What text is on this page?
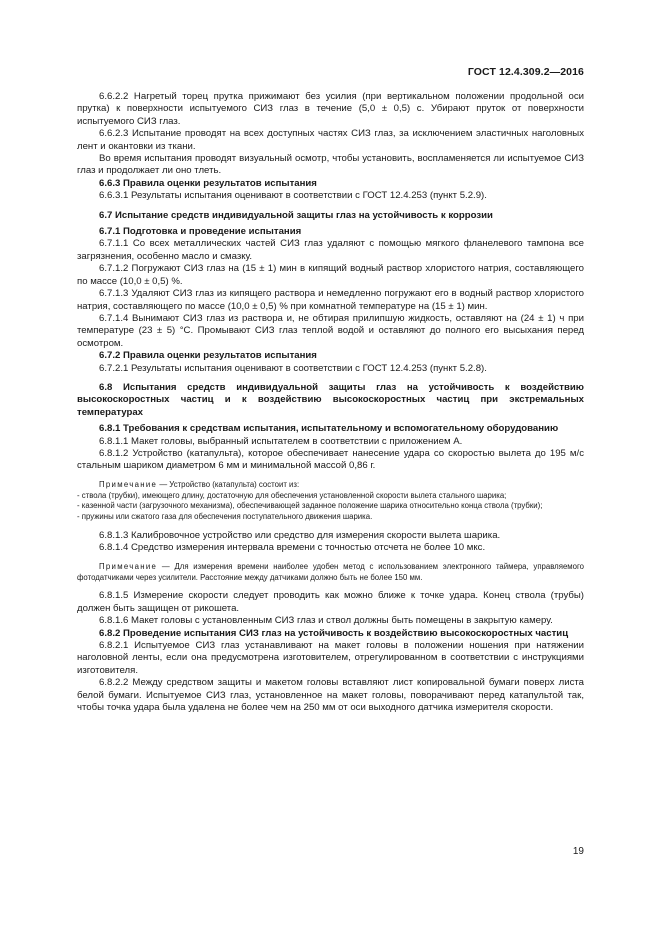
ГОСТ 12.4.309.2—2016

6.6.2.2 Нагретый торец прутка прижимают без усилия (при вертикальном положении продольной оси прутка) к поверхности испытуемого СИЗ глаз в течение (5,0 ± 0,5) с. Убирают пруток от поверхности испытуемого СИЗ глаз.

6.6.2.3 Испытание проводят на всех доступных частях СИЗ глаз, за исключением эластичных наголовных лент и окантовки из ткани.

Во время испытания проводят визуальный осмотр, чтобы установить, воспламеняется ли испытуемое СИЗ глаз и продолжает ли оно тлеть.

6.6.3 Правила оценки результатов испытания

6.6.3.1 Результаты испытания оценивают в соответствии с ГОСТ 12.4.253 (пункт 5.2.9).

6.7 Испытание средств индивидуальной защиты глаз на устойчивость к коррозии

6.7.1 Подготовка и проведение испытания

6.7.1.1 Со всех металлических частей СИЗ глаз удаляют с помощью мягкого фланелевого тампона все загрязнения, особенно масло и смазку.

6.7.1.2 Погружают СИЗ глаз на (15 ± 1) мин в кипящий водный раствор хлористого натрия, составляющего по массе (10,0 ± 0,5) %.

6.7.1.3 Удаляют СИЗ глаз из кипящего раствора и немедленно погружают его в водный раствор хлористого натрия, составляющего по массе (10,0 ± 0,5) % при комнатной температуре на (15 ± 1) мин.

6.7.1.4 Вынимают СИЗ глаз из раствора и, не обтирая прилипшую жидкость, оставляют на (24 ± 1) ч при температуре (23 ± 5) °С. Промывают СИЗ глаз теплой водой и оставляют до полного его высыхания перед осмотром.

6.7.2 Правила оценки результатов испытания

6.7.2.1 Результаты испытания оценивают в соответствии с ГОСТ 12.4.253 (пункт 5.2.8).

6.8 Испытания средств индивидуальной защиты глаз на устойчивость к воздействию высокоскоростных частиц и к воздействию высокоскоростных частиц при экстремальных температурах

6.8.1 Требования к средствам испытания, испытательному и вспомогательному оборудованию

6.8.1.1 Макет головы, выбранный испытателем в соответствии с приложением А.

6.8.1.2 Устройство (катапульта), которое обеспечивает нанесение удара со скоростью вылета до 195 м/с стальным шариком диаметром 6 мм и минимальной массой 0,86 г.

Примечание — Устройство (катапульта) состоит из:

- ствола (трубки), имеющего длину, достаточную для обеспечения установленной скорости вылета стального шарика;

- казенной части (загрузочного механизма), обеспечивающей заданное положение шарика относительно конца ствола (трубки);

- пружины или сжатого газа для обеспечения поступательного движения шарика.

6.8.1.3 Калибровочное устройство или средство для измерения скорости вылета шарика.

6.8.1.4 Средство измерения интервала времени с точностью отсчета не более 10 мкс.

Примечание — Для измерения времени наиболее удобен метод с использованием электронного таймера, управляемого фотодатчиками через усилители. Расстояние между датчиками должно быть не более 150 мм.

6.8.1.5 Измерение скорости следует проводить как можно ближе к точке удара. Конец ствола (трубы) должен быть защищен от рикошета.

6.8.1.6 Макет головы с установленным СИЗ глаз и ствол должны быть помещены в закрытую камеру.

6.8.2 Проведение испытания СИЗ глаз на устойчивость к воздействию высокоскоростных частиц

6.8.2.1 Испытуемое СИЗ глаз устанавливают на макет головы в положении ношения при натяжении наголовной ленты, если она предусмотрена изготовителем, отрегулированном в соответствии с инструкциями изготовителя.

6.8.2.2 Между средством защиты и макетом головы вставляют лист копировальной бумаги поверх листа белой бумаги. Испытуемое СИЗ глаз, установленное на макет головы, поворачивают перед катапультой так, чтобы точка удара была удалена не более чем на 250 мм от оси выходного датчика измерителя скорости.

19
